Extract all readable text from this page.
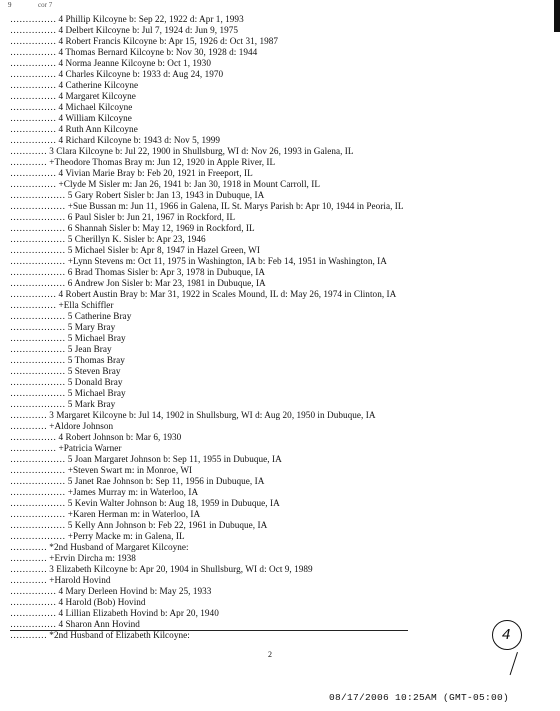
9	cor 7
…………… 4 Phillip Kilcoyne b: Sep 22, 1922 d: Apr 1, 1993
…………… 4 Delbert Kilcoyne b: Jul 7, 1924 d: Jun 9, 1975
…………… 4 Robert Francis Kilcoyne b: Apr 15, 1926 d: Oct 31, 1987
…………… 4 Thomas Bernard Kilcoyne b: Nov 30, 1928 d: 1944
…………… 4 Norma Jeanne Kilcoyne b: Oct 1, 1930
…………… 4 Charles Kilcoyne b: 1933 d: Aug 24, 1970
…………… 4 Catherine Kilcoyne
…………… 4 Margaret Kilcoyne
…………… 4 Michael Kilcoyne
…………… 4 William Kilcoyne
…………… 4 Ruth Ann Kilcoyne
…………… 4 Richard Kilcoyne b: 1943 d: Nov 5, 1999
………… 3 Clara Kilcoyne b: Jul 22, 1900 in Shullsburg, WI d: Nov 26, 1993 in Galena, IL
………… +Theodore Thomas Bray m: Jun 12, 1920 in Apple River, IL
…………… 4 Vivian Marie Bray b: Feb 20, 1921 in Freeport, IL
…………… +Clyde M Sisler m: Jan 26, 1941 b: Jan 30, 1918 in Mount Carroll, IL
……………… 5 Gary Robert Sisler b: Jan 13, 1943 in Dubuque, IA
……………… +Sue Bussan m: Jun 11, 1966 in Galena, IL St. Marys Parish b: Apr 10, 1944 in Peoria, IL
……………… 6 Paul Sisler b: Jun 21, 1967 in Rockford, IL
……………… 6 Shannah Sisler b: May 12, 1969 in Rockford, IL
……………… 5 Cherillyn K. Sisler b: Apr 23, 1946
……………… 5 Michael Sisler b: Apr 8, 1947 in Hazel Green, WI
……………… +Lynn Stevens m: Oct 11, 1975 in Washington, IA b: Feb 14, 1951 in Washington, IA
……………… 6 Brad Thomas Sisler b: Apr 3, 1978 in Dubuque, IA
……………… 6 Andrew Jon Sisler b: Mar 23, 1981 in Dubuque, IA
…………… 4 Robert Austin Bray b: Mar 31, 1922 in Scales Mound, IL d: May 26, 1974 in Clinton, IA
…………… +Ella Schiffler
……………… 5 Catherine Bray
……………… 5 Mary Bray
……………… 5 Michael Bray
……………… 5 Jean Bray
……………… 5 Thomas Bray
……………… 5 Steven Bray
……………… 5 Donald Bray
……………… 5 Michael Bray
……………… 5 Mark Bray
………… 3 Margaret Kilcoyne b: Jul 14, 1902 in Shullsburg, WI d: Aug 20, 1950 in Dubuque, IA
………… +Aldore Johnson
…………… 4 Robert Johnson b: Mar 6, 1930
…………… +Patricia Warner
……………… 5 Joan Margaret Johnson b: Sep 11, 1955 in Dubuque, IA
……………… +Steven Swart m: in Monroe, WI
……………… 5 Janet Rae Johnson b: Sep 11, 1956 in Dubuque, IA
……………… +James Murray m: in Waterloo, IA
……………… 5 Kevin Walter Johnson b: Aug 18, 1959 in Dubuque, IA
……………… +Karen Herman m: in Waterloo, IA
……………… 5 Kelly Ann Johnson b: Feb 22, 1961 in Dubuque, IA
……………… +Perry Macke m: in Galena, IL
………… *2nd Husband of Margaret Kilcoyne:
………… +Ervin Dircha m: 1938
………… 3 Elizabeth Kilcoyne b: Apr 20, 1904 in Shullsburg, WI d: Oct 9, 1989
………… +Harold Hovind
…………… 4 Mary Derleen Hovind b: May 25, 1933
…………… 4 Harold (Bob) Hovind
…………… 4 Lillian Elizabeth Hovind b: Apr 20, 1940
…………… 4 Sharon Ann Hovind
………… *2nd Husband of Elizabeth Kilcoyne:
2
4
08/17/2006 10:25AM (GMT-05:00)
